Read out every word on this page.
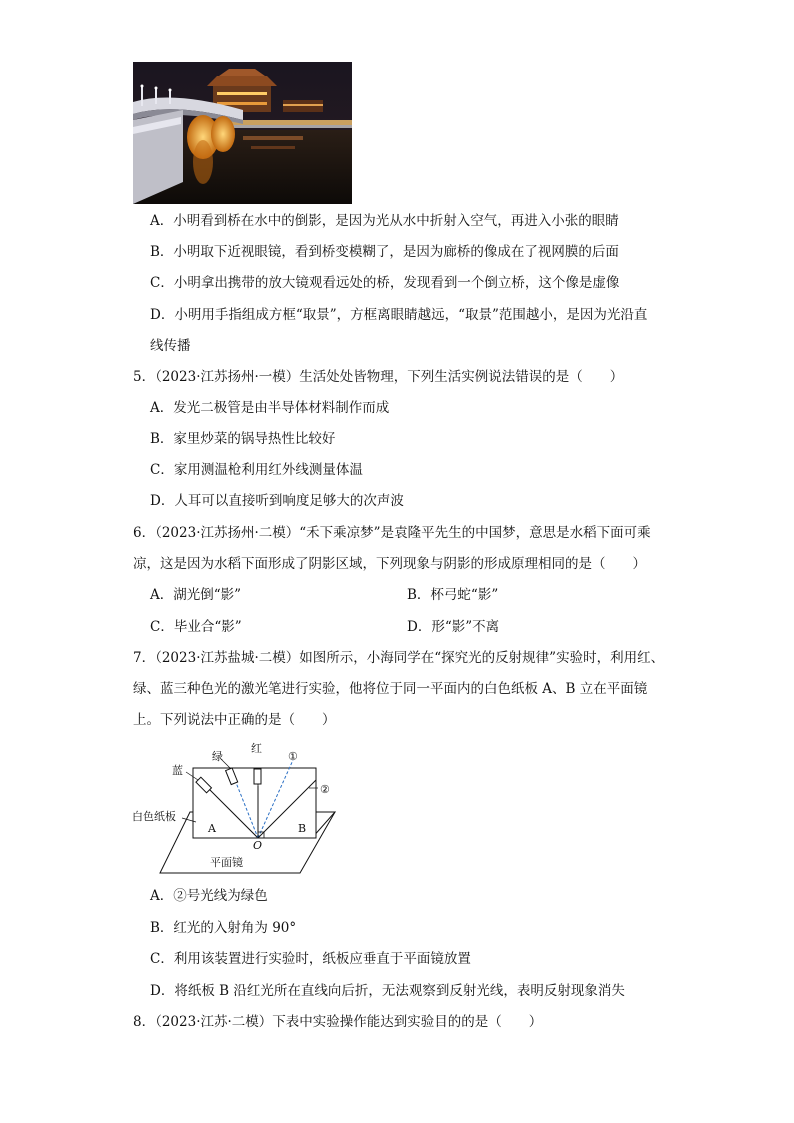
A．小明看到桥在水中的倒影，是因为光从水中折射入空气，再进入小张的眼睛
B．小明取下近视眼镜，看到桥变模糊了，是因为廊桥的像成在了视网膜的后面
C．小明拿出携带的放大镜观看远处的桥，发现看到一个倒立桥，这个像是虚像
D．小明用手指组成方框“取景”，方框离眼睛越远，“取景”范围越小，是因为光沿直
线传播
5．（2023·江苏扬州·一模）生活处处皆物理，下列生活实例说法错误的是（　　）
A．发光二极管是由半导体材料制作而成
B．家里炒菜的锅导热性比较好
C．家用测温枪利用红外线测量体温
D．人耳可以直接听到响度足够大的次声波
6．（2023·江苏扬州·二模）“禾下乘凉梦”是袁隆平先生的中国梦，意思是水稻下面可乘
凉，这是因为水稻下面形成了阴影区域，下列现象与阴影的形成原理相同的是（　　）
A．湖光倒“影”	B．杯弓蛇“影”
C．毕业合“影”	D．形“影”不离
7．（2023·江苏盐城·二模）如图所示，小海同学在“探究光的反射规律”实验时，利用红、
绿、蓝三种色光的激光笔进行实验，他将位于同一平面内的白色纸板 A、B 立在平面镜
上。下列说法中正确的是（　　）
绿
红
蓝
①
②
白色纸板
A	B
O
平面镜
A．②号光线为绿色
B．红光的入射角为 90°
C．利用该装置进行实验时，纸板应垂直于平面镜放置
D．将纸板 B 沿红光所在直线向后折，无法观察到反射光线，表明反射现象消失
8．（2023·江苏·二模）下表中实验操作能达到实验目的的是（　　）
